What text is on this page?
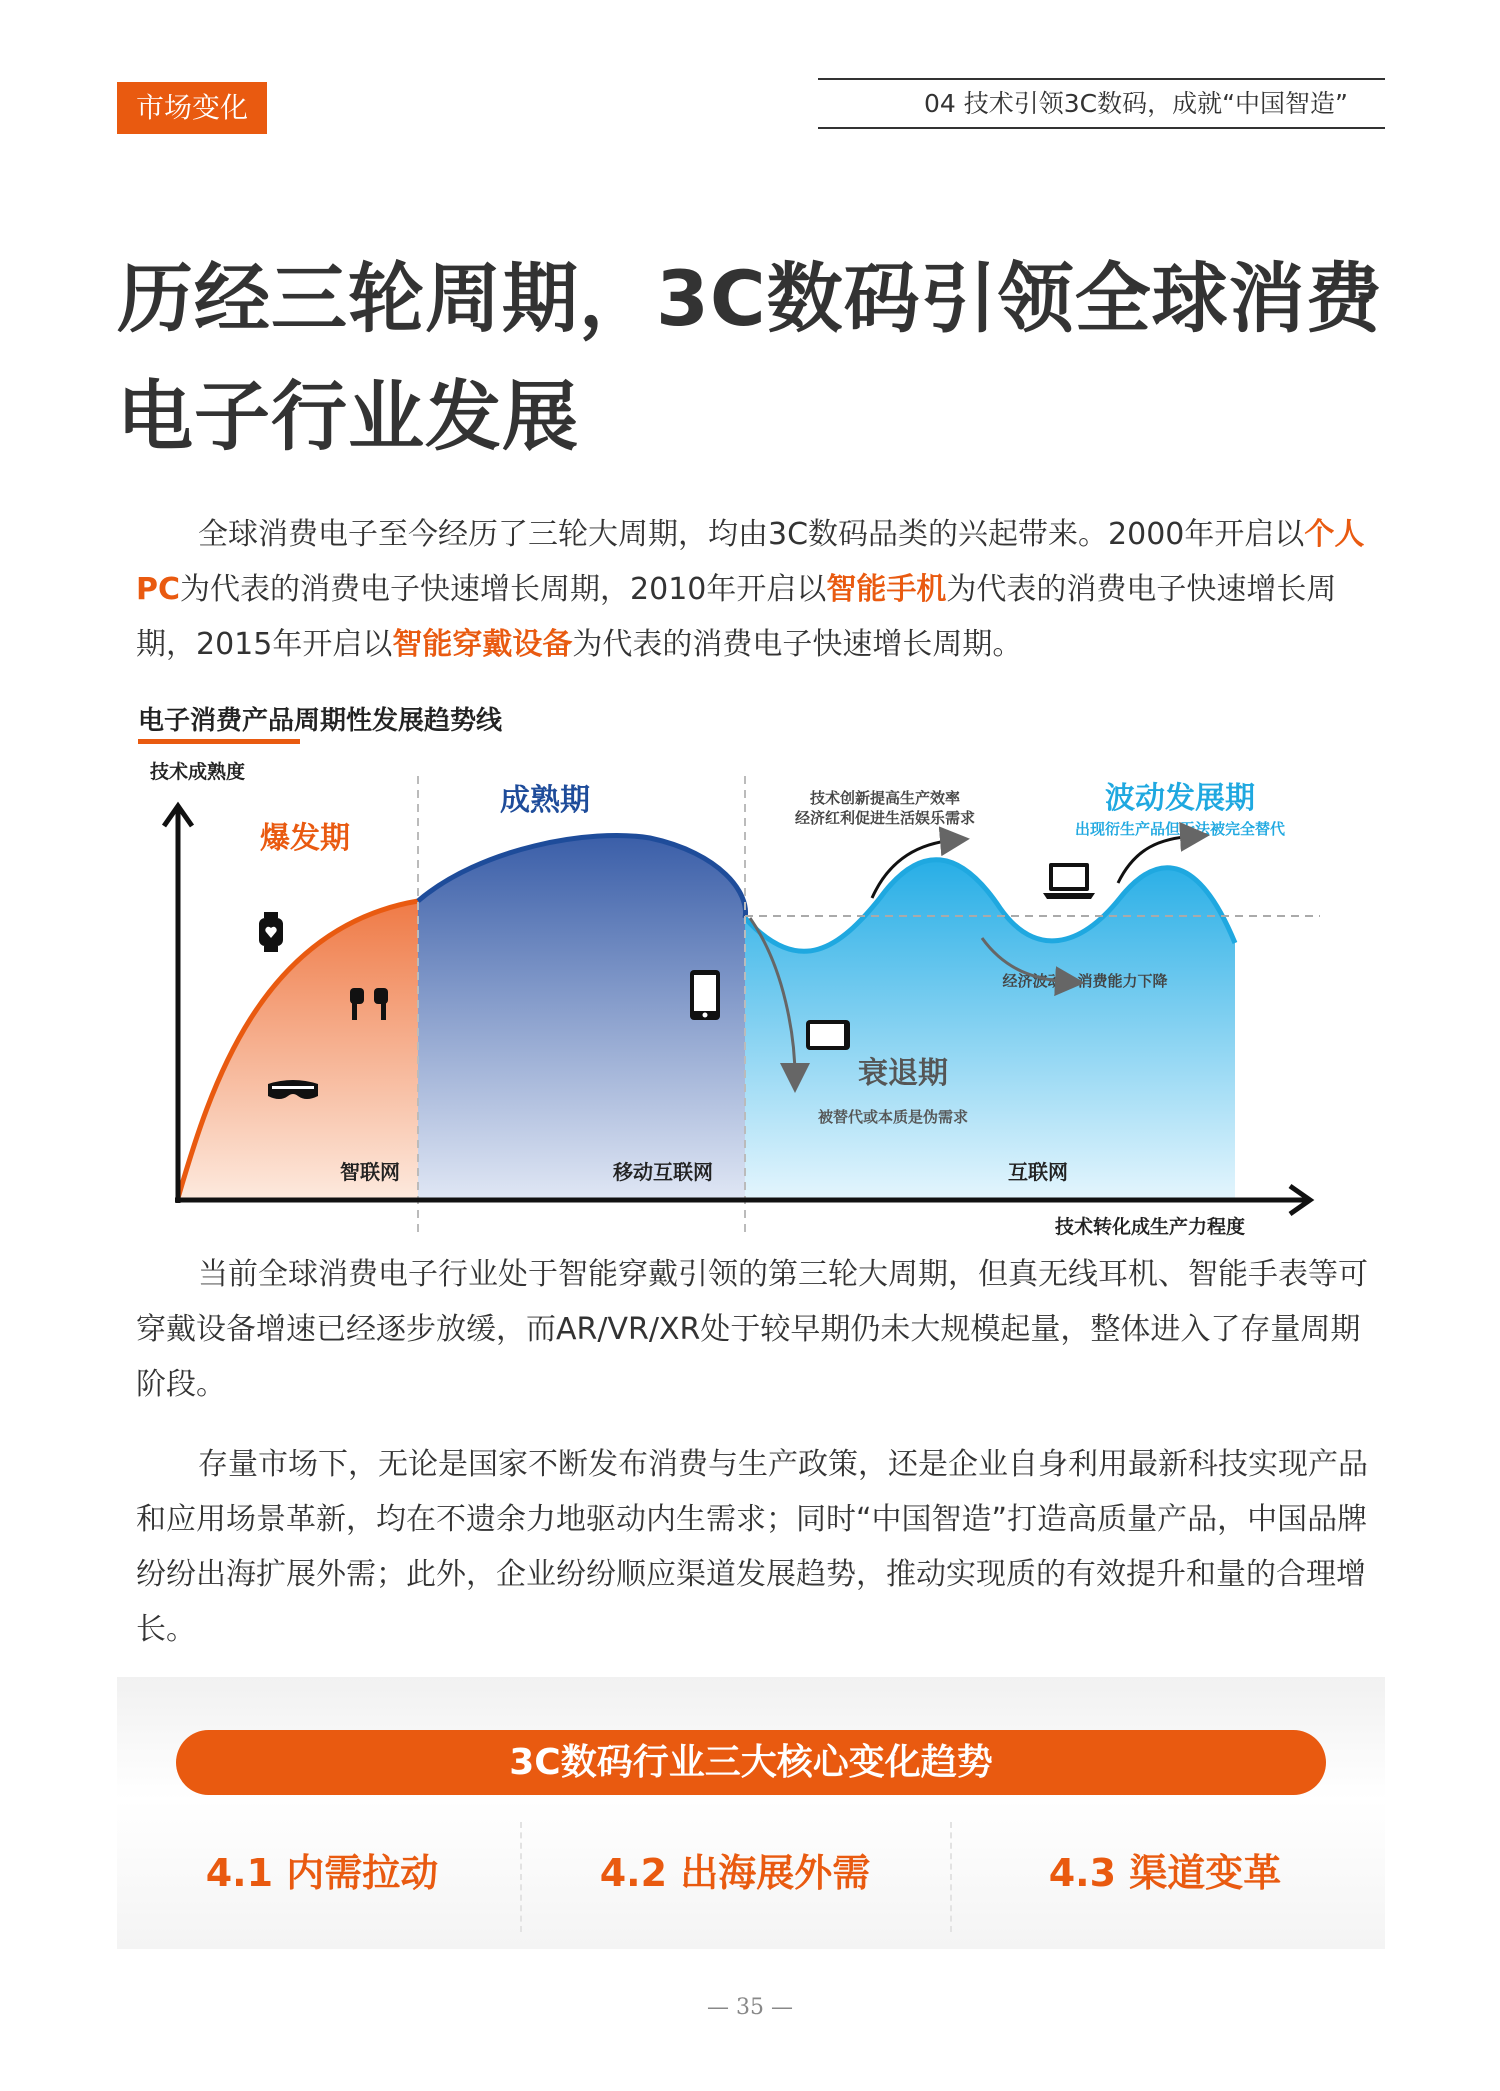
市场变化	04 技术引领3C数码，成就“中国智造”
历经三轮周期，3C数码引领全球消费
电子行业发展

全球消费电子至今经历了三轮大周期，均由3C数码品类的兴起带来。2000年开启以个人PC为代表的消费电子快速增长周期，2010年开启以智能手机为代表的消费电子快速增长周期，2015年开启以智能穿戴设备为代表的消费电子快速增长周期。

电子消费产品周期性发展趋势线
技术成熟度
技术转化成生产力程度
爆发期
成熟期	波动发展期
出现衍生产品但无法被完全替代
衰退期
被替代或本质是伪需求
技术创新提高生产效率
经济红利促进生活娱乐需求
经济波动，消费能力下降
智联网	移动互联网	互联网

当前全球消费电子行业处于智能穿戴引领的第三轮大周期，但真无线耳机、智能手表等可穿戴设备增速已经逐步放缓，而AR/VR/XR处于较早期仍未大规模起量，整体进入了存量周期阶段。

存量市场下，无论是国家不断发布消费与生产政策，还是企业自身利用最新科技实现产品和应用场景革新，均在不遗余力地驱动内生需求；同时“中国智造”打造高质量产品，中国品牌纷纷出海扩展外需；此外，企业纷纷顺应渠道发展趋势，推动实现质的有效提升和量的合理增长。

3C数码行业三大核心变化趋势
4.1 内需拉动	4.2 出海展外需	4.3 渠道变革
— 35 —
